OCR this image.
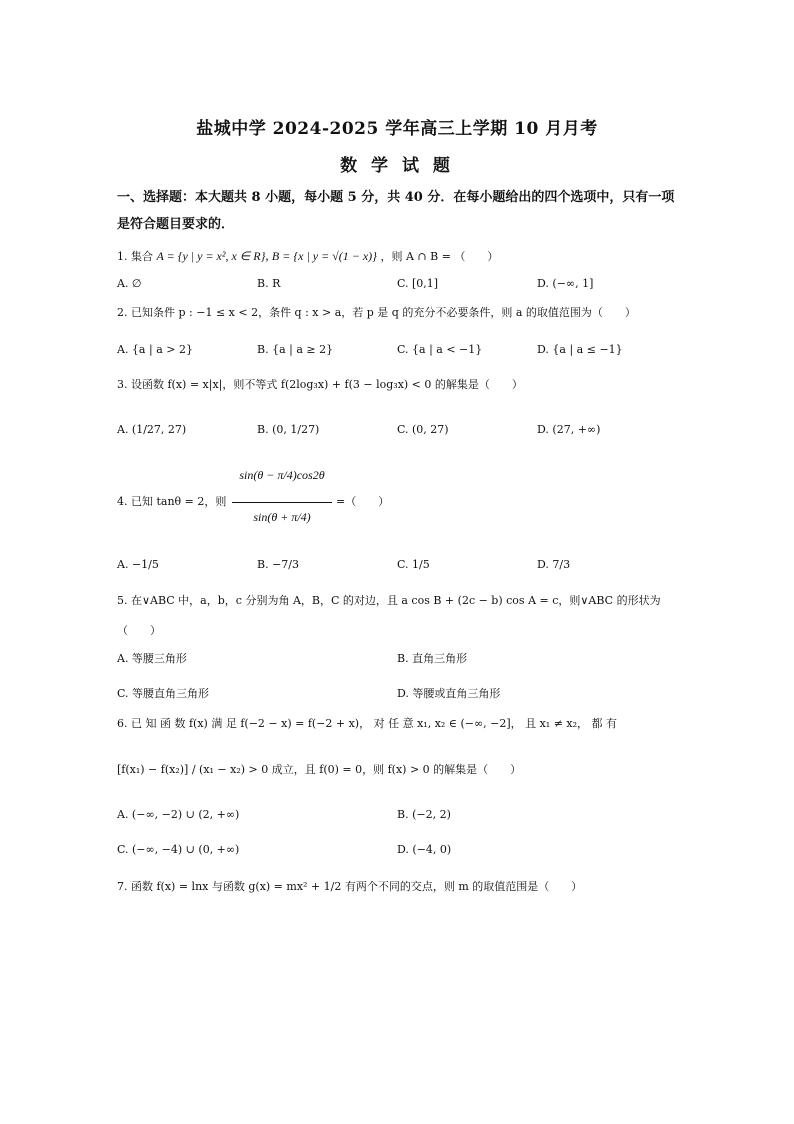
盐城中学 2024-2025 学年高三上学期 10 月月考
数 学 试 题
一、选择题：本大题共 8 小题，每小题 5 分，共 40 分．在每小题给出的四个选项中，只有一项是符合题目要求的．
1. 集合 A = {y | y = x², x ∈ R}, B = {x | y = √(1 − x)} ，则 A ∩ B = （　　）
A. ∅	B. R	C. [0,1]	D. (−∞, 1]
2. 已知条件 p : −1 ≤ x < 2，条件 q : x > a，若 p 是 q 的充分不必要条件，则 a 的取值范围为（　　）
A. {a | a > 2}	B. {a | a ≥ 2}	C. {a | a < −1}	D. {a | a ≤ −1}
3. 设函数 f(x) = x|x|，则不等式 f(2log₃x) + f(3 − log₃x) < 0 的解集是（　　）
A. (1/27, 27)	B. (0, 1/27)	C. (0, 27)	D. (27, +∞)
4. 已知 tanθ = 2，则
sin(θ − π/4)cos2θ
sin(θ + π/4)
=（　　）
A. −1/5	B. −7/3	C. 1/5	D. 7/3
5. 在∨ABC 中，a，b，c 分别为角 A，B，C 的对边，且 a cos B + (2c − b) cos A = c，则∨ABC 的形状为
（　　）
A. 等腰三角形	B. 直角三角形
C. 等腰直角三角形	D. 等腰或直角三角形
6. 已 知 函 数 f(x) 满 足 f(−2 − x) = f(−2 + x)， 对 任 意 x₁, x₂ ∈ (−∞, −2]， 且 x₁ ≠ x₂， 都 有
[f(x₁) − f(x₂)] / (x₁ − x₂) > 0 成立，且 f(0) = 0，则 f(x) > 0 的解集是（　　）
A. (−∞, −2) ∪ (2, +∞)	B. (−2, 2)
C. (−∞, −4) ∪ (0, +∞)	D. (−4, 0)
7. 函数 f(x) = lnx 与函数 g(x) = mx² + 1/2 有两个不同的交点，则 m 的取值范围是（　　）
